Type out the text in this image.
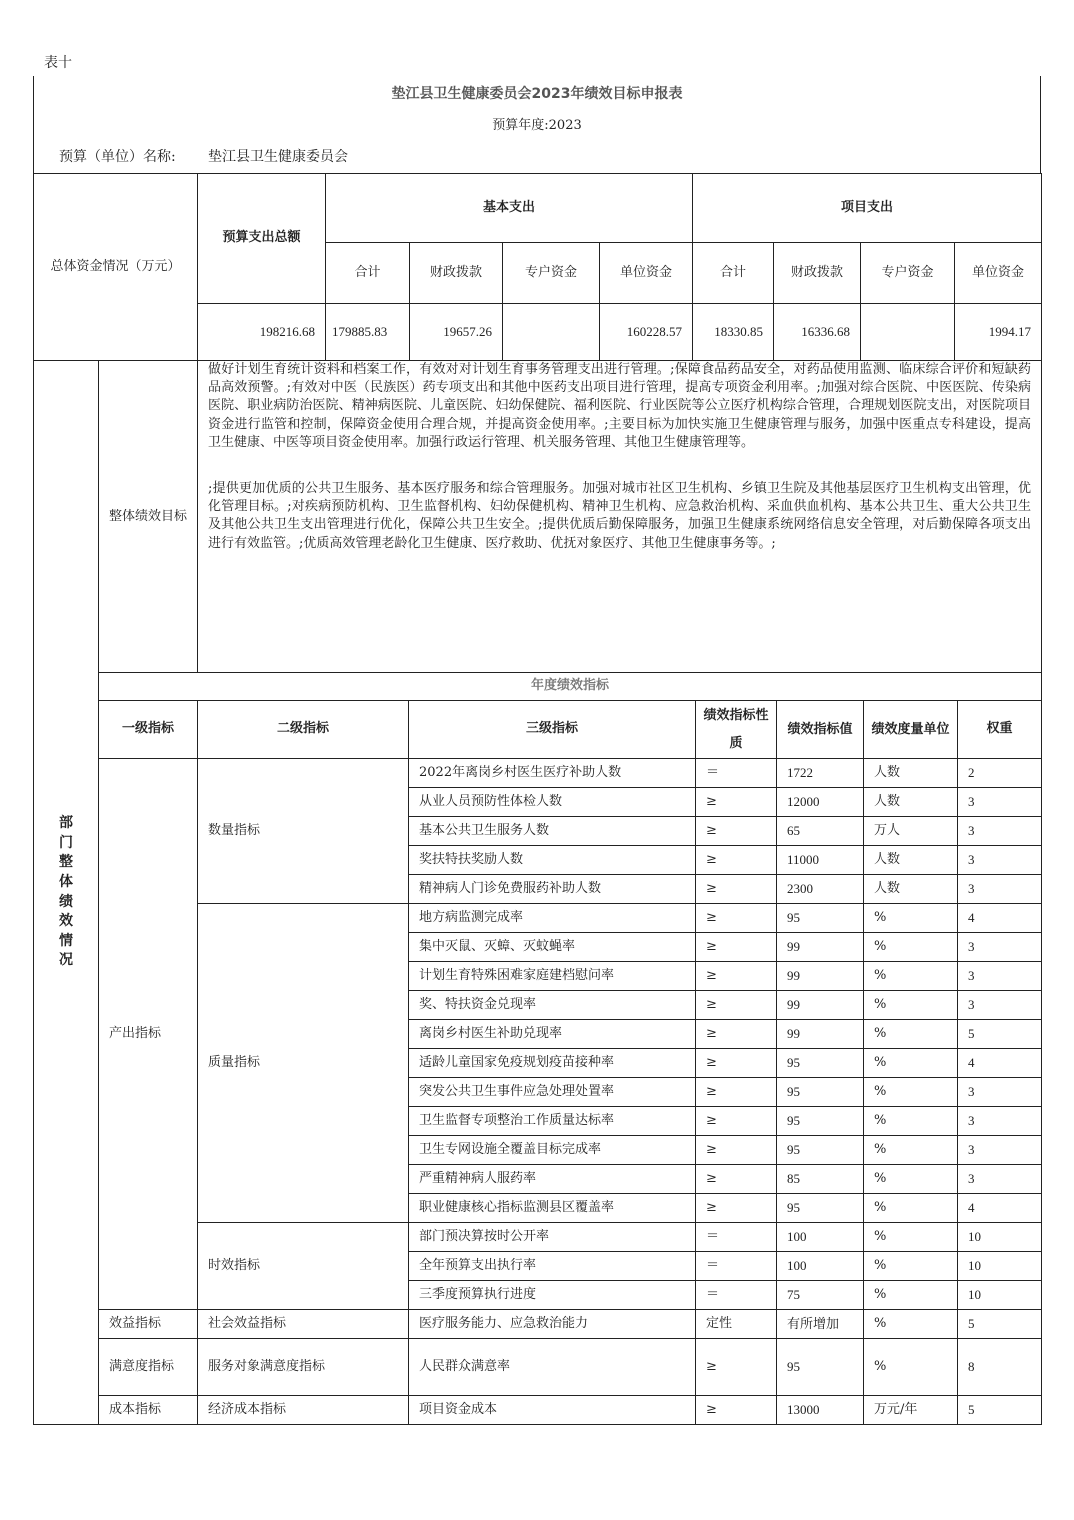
表十
垫江县卫生健康委员会2023年绩效目标申报表
预算年度:2023
预算（单位）名称: 垫江县卫生健康委员会
总体资金情况（万元）	预算支出总额	基本支出				项目支出			
		合计	财政拨款	专户资金	单位资金	合计	财政拨款	专户资金	单位资金
	198216.68	179885.83	19657.26		160228.57	18330.85	16336.68		1994.17
部门整体绩效情况	整体绩效目标	做好计划生育统计资料和档案工作，有效对对计划生育事务管理支出进行管理。;保障食品药品安全，对药品使用监测、临床综合评价和短缺药品高效预警。;有效对中医（民族医）药专项支出和其他中医药支出项目进行管理，提高专项资金利用率。;加强对综合医院、中医医院、传染病医院、职业病防治医院、精神病医院、儿童医院、妇幼保健院、福利医院、行业医院等公立医疗机构综合管理，合理规划医院支出，对医院项目资金进行监管和控制，保障资金使用合理合规，并提高资金使用率。;主要目标为加快实施卫生健康管理与服务，加强中医重点专科建设，提高卫生健康、中医等项目资金使用率。加强行政运行管理、机关服务管理、其他卫生健康管理等。

;提供更加优质的公共卫生服务、基本医疗服务和综合管理服务。加强对城市社区卫生机构、乡镇卫生院及其他基层医疗卫生机构支出管理，优化管理目标。;对疾病预防机构、卫生监督机构、妇幼保健机构、精神卫生机构、应急救治机构、采血供血机构、基本公共卫生、重大公共卫生及其他公共卫生支出管理进行优化，保障公共卫生安全。;提供优质后勤保障服务，加强卫生健康系统网络信息安全管理，对后勤保障各项支出进行有效监管。;优质高效管理老龄化卫生健康、医疗救助、优抚对象医疗、其他卫生健康事务等。;					

	年度绩效指标						
	一级指标	二级指标	三级指标	绩效指标性质	绩效指标值	绩效度量单位	权重
	产出指标	数量指标	2022年离岗乡村医生医疗补助人数	＝	1722	人数	2
			从业人员预防性体检人数	≥	12000	人数	3
			基本公共卫生服务人数	≥	65	万人	3
			奖扶特扶奖励人数	≥	11000	人数	3
			精神病人门诊免费服药补助人数	≥	2300	人数	3
		质量指标	地方病监测完成率	≥	95	%	4
			集中灭鼠、灭蟑、灭蚊蝇率	≥	99	%	3
			计划生育特殊困难家庭建档慰问率	≥	99	%	3
			奖、特扶资金兑现率	≥	99	%	3
			离岗乡村医生补助兑现率	≥	99	%	5
			适龄儿童国家免疫规划疫苗接种率	≥	95	%	4
			突发公共卫生事件应急处理处置率	≥	95	%	3
			卫生监督专项整治工作质量达标率	≥	95	%	3
			卫生专网设施全覆盖目标完成率	≥	95	%	3
			严重精神病人服药率	≥	85	%	3
			职业健康核心指标监测县区覆盖率	≥	95	%	4
		时效指标	部门预决算按时公开率	＝	100	%	10
			全年预算支出执行率	＝	100	%	10
			三季度预算执行进度	＝	75	%	10
	效益指标	社会效益指标	医疗服务能力、应急救治能力	定性	有所增加	%	5
	满意度指标	服务对象满意度指标	人民群众满意率	≥	95	%	8
	成本指标	经济成本指标	项目资金成本	≥	13000	万元/年	5
